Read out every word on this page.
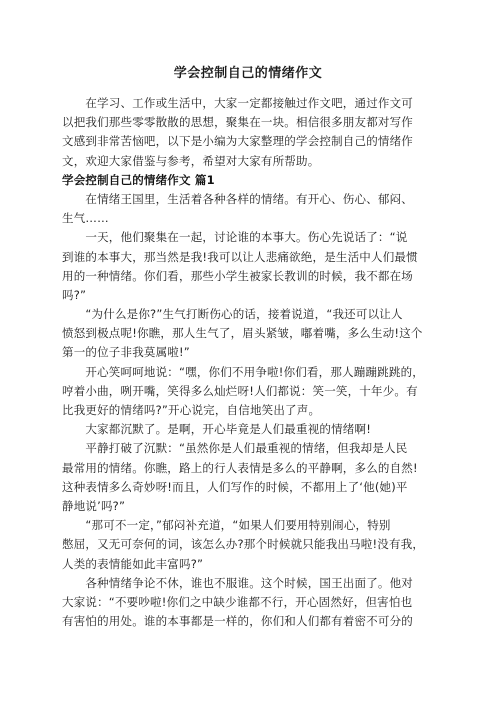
学会控制自己的情绪作文
　　在学习、工作或生活中，大家一定都接触过作文吧，通过作文可
以把我们那些零零散散的思想，聚集在一块。相信很多朋友都对写作
文感到非常苦恼吧，以下是小编为大家整理的学会控制自己的情绪作
文，欢迎大家借鉴与参考，希望对大家有所帮助。
学会控制自己的情绪作文 篇1
　　在情绪王国里，生活着各种各样的情绪。有开心、伤心、郁闷、
生气……
　　一天，他们聚集在一起，讨论谁的本事大。伤心先说话了：“说
到谁的本事大，那当然是我!我可以让人悲痛欲绝，是生活中人们最惯
用的一种情绪。你们看，那些小学生被家长教训的时候，我不都在场
吗?”
　　“为什么是你?”生气打断伤心的话，接着说道，“我还可以让人
愤怒到极点呢!你瞧，那人生气了，眉头紧皱，嘟着嘴，多么生动!这个
第一的位子非我莫属啦!”
　　开心笑呵呵地说：“嘿，你们不用争啦!你们看，那人蹦蹦跳跳的，
哼着小曲，咧开嘴，笑得多么灿烂呀!人们都说：笑一笑，十年少。有
比我更好的情绪吗?”开心说完，自信地笑出了声。
　　大家都沉默了。是啊，开心毕竟是人们最重视的情绪啊!
　　平静打破了沉默：“虽然你是人们最重视的情绪，但我却是人民
最常用的情绪。你瞧，路上的行人表情是多么的平静啊，多么的自然!
这种表情多么奇妙呀!而且，人们写作的时候，不都用上了‘他(她)平
静地说’吗?”
　　“那可不一定，”郁闷补充道，“如果人们要用特别闹心，特别
憋屈，又无可奈何的词，该怎么办?那个时候就只能我出马啦!没有我，
人类的表情能如此丰富吗?”
　　各种情绪争论不休，谁也不服谁。这个时候，国王出面了。他对
大家说：“不要吵啦!你们之中缺少谁都不行，开心固然好，但害怕也
有害怕的用处。谁的本事都是一样的，你们和人们都有着密不可分的
